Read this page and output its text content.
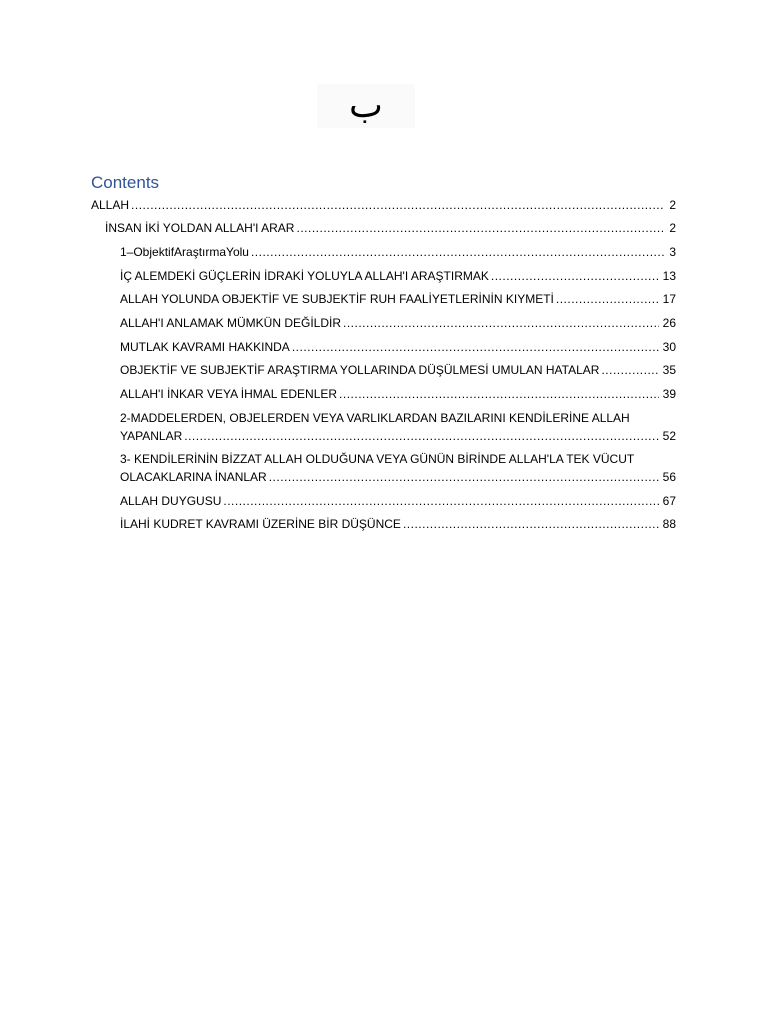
ب
Contents
ALLAH .....	2
İNSAN İKİ YOLDAN ALLAH'I ARAR .....	2
1–ObjektifAraştırmaYolu .....	3
İÇ ALEMDEKİ GÜÇLERİN İDRAKİ YOLUYLA ALLAH'I ARAŞTIRMAK .....	13
ALLAH YOLUNDA OBJEKTİF VE SUBJEKTİF RUH FAALİYETLERİNİN KIYMETİ .....	17
ALLAH'I ANLAMAK MÜMKÜN DEĞİLDİR .....	26
MUTLAK KAVRAMI HAKKINDA .....	30
OBJEKTİF VE SUBJEKTİF ARAŞTIRMA YOLLARINDA DÜŞÜLMESİ UMULAN HATALAR .....	35
ALLAH'I İNKAR VEYA İHMAL EDENLER .....	39
2-MADDELERDEN, OBJELERDEN VEYA VARLIKLARDAN BAZILARINI KENDİLERİNE ALLAH
YAPANLAR .....	52
3- KENDİLERİNİN BİZZAT ALLAH OLDUĞUNA VEYA GÜNÜN BİRİNDE ALLAH'LA TEK VÜCUT
OLACAKLARINA İNANLAR .....	56
ALLAH DUYGUSU .....	67
İLAHİ KUDRET KAVRAMI ÜZERİNE BİR DÜŞÜNCE .....	88
